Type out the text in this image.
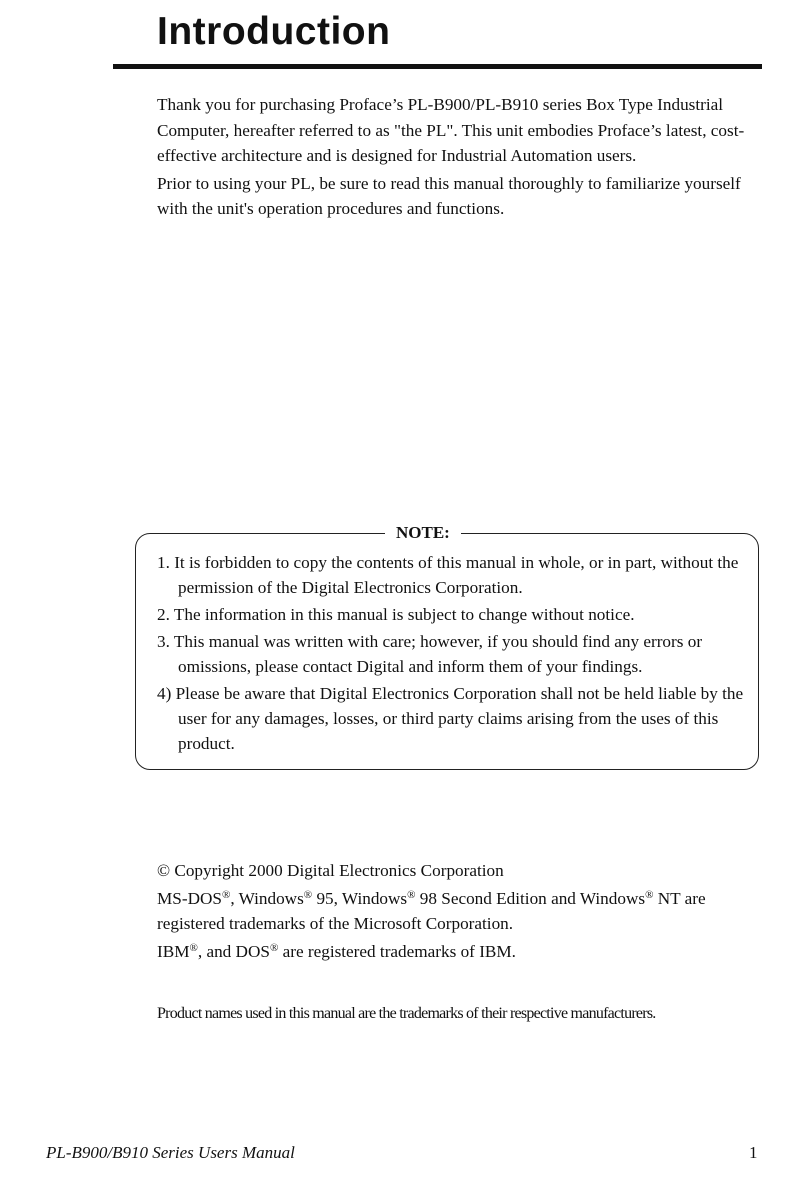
Introduction

Thank you for purchasing Proface’s PL-B900/PL-B910 series Box Type Industrial Computer, hereafter referred to as "the PL". This unit embodies Proface’s latest, cost-effective architecture and is designed for Industrial Automation users.

Prior to using your PL, be sure to read this manual thoroughly to familiarize yourself with the unit's operation procedures and functions.

NOTE:
1. It is forbidden to copy the contents of this manual in whole, or in part, without the permission of the Digital Electronics Corporation.
2. The information in this manual is subject to change without notice.
3. This manual was written with care; however, if you should find any errors or omissions, please contact Digital and inform them of your findings.
4) Please be aware that Digital Electronics Corporation shall not be held liable by the user for any damages, losses, or third party claims arising from the uses of this product.

© Copyright 2000 Digital Electronics Corporation

MS-DOS®, Windows® 95, Windows® 98 Second Edition and Windows® NT are registered trademarks of the Microsoft Corporation.

IBM®, and DOS® are registered trademarks of IBM.

Product names used in this manual are the trademarks of their respective manufacturers.

PL-B900/B910 Series Users Manual	1
